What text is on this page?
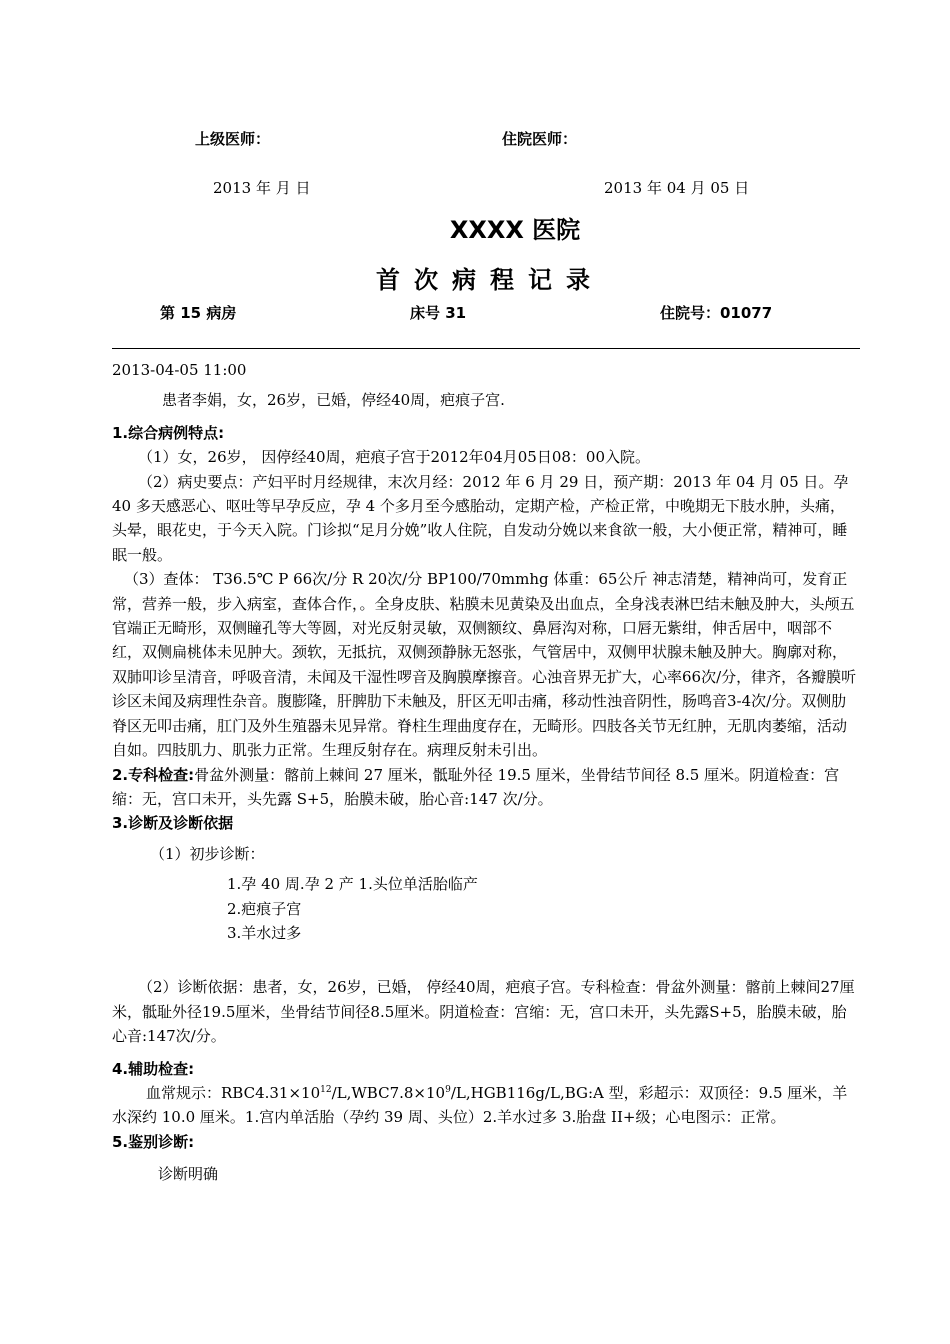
上级医师：	住院医师：
2013 年 月 日	2013 年 04 月 05 日
XXXX 医院
首次病程记录
第 15 病房	床号 31	住院号：01077

2013-04-05 11:00

患者李娟，女，26岁，已婚，停经40周，疤痕子宫.

1.综合病例特点:

（1）女，26岁， 因停经40周，疤痕子宫于2012年04月05日08：00入院。

（2）病史要点：产妇平时月经规律，末次月经：2012 年 6 月 29 日，预产期：2013 年 04 月 05 日。孕 40 多天感恶心、呕吐等早孕反应，孕 4 个多月至今感胎动，定期产检，产检正常，中晚期无下肢水肿，头痛，头晕，眼花史，于今天入院。门诊拟“足月分娩”收人住院，自发动分娩以来食欲一般，大小便正常，精神可，睡眠一般。

（3）查体： T36.5℃ P 66次/分 R 20次/分 BP100/70mmhg 体重：65公斤 神志清楚，精神尚可，发育正常，营养一般，步入病室，查体合作，。全身皮肤、粘膜未见黄染及出血点，全身浅表淋巴结未触及肿大，头颅五官端正无畸形，双侧瞳孔等大等圆，对光反射灵敏，双侧额纹、鼻唇沟对称，口唇无紫绀，伸舌居中，咽部不红，双侧扁桃体未见肿大。颈软，无抵抗，双侧颈静脉无怒张，气管居中，双侧甲状腺未触及肿大。胸廓对称，双肺叩诊呈清音，呼吸音清，未闻及干湿性啰音及胸膜摩擦音。心浊音界无扩大，心率66次/分，律齐，各瓣膜听诊区未闻及病理性杂音。腹膨隆，肝脾肋下未触及，肝区无叩击痛，移动性浊音阴性，肠鸣音3-4次/分。双侧肋脊区无叩击痛，肛门及外生殖器未见异常。脊柱生理曲度存在，无畸形。四肢各关节无红肿，无肌肉萎缩，活动自如。四肢肌力、肌张力正常。生理反射存在。病理反射未引出。

2.专科检查:骨盆外测量：髂前上棘间 27 厘米，骶耻外径 19.5 厘米，坐骨结节间径 8.5 厘米。阴道检查：宫缩：无，宫口未开，头先露 S+5，胎膜未破，胎心音:147 次/分。

3.诊断及诊断依据

（1）初步诊断：

1.孕 40 周.孕 2 产 1.头位单活胎临产

2.疤痕子宫

3.羊水过多

（2）诊断依据：患者，女，26岁，已婚， 停经40周，疤痕子宫。专科检查：骨盆外测量：髂前上棘间27厘米，骶耻外径19.5厘米，坐骨结节间径8.5厘米。阴道检查：宫缩：无，宫口未开，头先露S+5，胎膜未破，胎心音:147次/分。

4.辅助检查:

血常规示：$RBC4.31\times 10^{12}/L,WBC7.8\times 10^9/L,HGB116g/L,BG:A$ 型，彩超示：双顶径：9.5 厘米，羊水深约 10.0 厘米。1.宫内单活胎（孕约 39 周、头位）2.羊水过多 3.胎盘 II+级；心电图示：正常。

5.鉴别诊断:

诊断明确
